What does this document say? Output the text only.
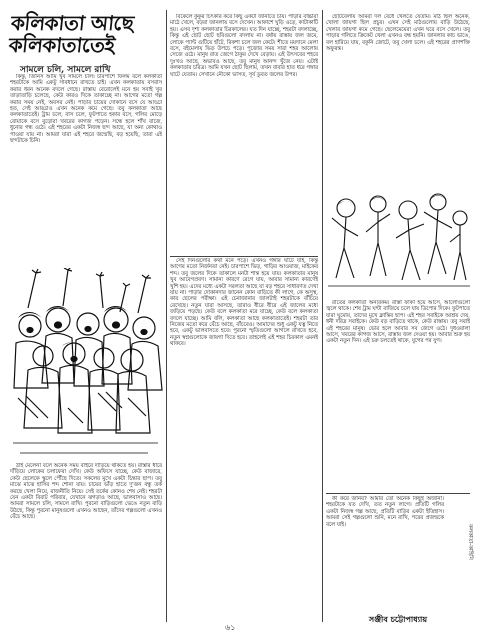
কলিকাতা আছে কলিকাতাতেই
সামলে চলি, সামলে রাখি

কিন্তু, জিনিস আমি খুব সামলে চলি। চারপাশে ফিলম বলে কলকাতা শহরটাকে আমি একটু সাবধানে রাখতে চাই। এখন কলকাতায় বসবাস করার ধরন অনেক বদলে গেছে। রাস্তায় বেরোলেই মনে হয় সবাই খুব তাড়াতাড়ি চলেছে, কেউ কারও দিকে তাকাচ্ছে না। আগের মতো গল্প করার সময় নেই, অবসর নেই। পাড়ার চায়ের দোকানে বসে যে আড্ডা হত, সেই আড্ডাও এখন অনেক কমে গেছে। তবু কলকাতা আছে কলকাতাতেই। ট্রাম চলে, বাস চলে, ফুটপাতে হকার বসে, গলির মোড়ে রোয়াকে বসে বুড়োরা খবরের কাগজ পড়েন। সন্ধে হলে শাঁখ বাজে, ধুনোর গন্ধ ওঠে। এই শহরের একটা নিজস্ব ছন্দ আছে, যা অন্য কোথাও পাওয়া যায় না। আমরা যারা এই শহরে জন্মেছি, বড় হয়েছি, তারা এই ছন্দটাকে চিনি।

ঠাঁই মেলেনা বলে অনেক সময় বাইরে দাঁড়িয়ে থাকতে হয়। রাস্তার ধারে দাঁড়িয়ে লোকের চলাফেরা দেখি। কেউ অফিসে যাচ্ছে, কেউ বাজারে, কেউ ছেলেকে স্কুলে পৌঁছে দিতে। সকলের মুখে একটা চিন্তার ছাপ। তবু মাঝে মাঝে হাসির শব্দ শোনা যায়। চায়ের ভাঁড় হাতে দু'জন বন্ধু তর্ক করছে খেলা নিয়ে, রাজনীতি নিয়ে। সেই তর্কের কোনও শেষ নেই। শহরটা যেন একটা বিরাট পরিবার, যেখানে ঝগড়াও আছে, ভালবাসাও আছে। আমরা সামলে চলি, সামলে রাখি। পুরনো বাড়িগুলো ভেঙে নতুন বাড়ি উঠছে, কিন্তু পুরনো মানুষগুলো এখনও আছেন, তাঁদের গল্পগুলো এখনও বেঁচে আছে।

বিকেলে কুকুর চিৎকার করে কিছু একটা জানাতে চায়। পাড়ার বাচ্চারা মাঠে খেলে, বড়রা জানলায় বসে দেখেন। আকাশে ঘুড়ি ওড়ে, কাটাকাটি হয়। এসব দৃশ্য কলকাতার চিরকালের। যত দিন যাচ্ছে, শহরটা বদলাচ্ছে, কিন্তু এই ছোট ছোট ছবিগুলো বদলায় না। বর্ষায় রাস্তায় জল জমে, লোকে প্যান্ট গুটিয়ে হাঁটে, রিকশা চলে জল কেটে। শীতে ময়দানে মেলা বসে, বইমেলায় ভিড় উপচে পড়ে। পুজোর সময় সারা শহর আলোয় সেজে ওঠে। মানুষ রাত জেগে ঠাকুর দেখে বেড়ায়। এই উৎসবের শহরে দুঃখও আছে, অভাবও আছে, তবু মানুষ আনন্দ খুঁজে নেয়। এটাই কলকাতার চরিত্র। আমি যখন ছোট ছিলাম, তখন বাবার হাত ধরে গঙ্গার ঘাটে যেতাম। সেখানে নৌকো ভাসত, সূর্য ডুবত জলের উপর।

সেই দিনগুলোর কথা মনে পড়ে। এখনও গঙ্গার ঘাটে যাই, কিন্তু আগের মতো নির্জনতা নেই। চারপাশে ভিড়, গাড়ির আওয়াজ, মাইকের শব্দ। তবু জলের দিকে তাকালে মনটা শান্ত হয়ে যায়। কলকাতার মানুষ খুব আবেগপ্রবণ। সামান্য কারণে রেগে যায়, আবার সামান্য কারণেই খুশি হয়। এদের মধ্যে একটা সরলতা আছে যা বড় শহরে সাধারণত দেখা যায় না। পাড়ার দোকানদার জানেন কোন বাড়িতে কী লাগে, কে অসুস্থ, কার ছেলের পরীক্ষা। এই চেনাজানার জালটাই শহরটাকে বাঁচিয়ে রেখেছে। নতুন যারা আসছে, তারাও ধীরে ধীরে এই জালের মধ্যে জড়িয়ে পড়ছে। কেউ বলে কলকাতা মরে যাচ্ছে, কেউ বলে কলকাতা বদলে যাচ্ছে। আমি বলি, কলকাতা আছে কলকাতাতেই। শহরটা তার নিজের মতো করে বেঁচে আছে, বাঁচবেও। আমাদের শুধু একটু যত্ন নিতে হবে, একটু ভালবাসতে হবে। পুরনো স্মৃতিগুলো আগলে রাখতে হবে, নতুন স্বপ্নগুলোকে জায়গা দিতে হবে। তাহলেই এই শহর চিরকাল এমনই থাকবে।

ছোটবেলায় আমরা দল বেঁধে খেলতে যেতাম। মাঠ ছিল অনেক, খোলা জায়গা ছিল প্রচুর। এখন সেই মাঠগুলোয় বাড়ি উঠেছে, খেলার জায়গা কমে গেছে। ছেলেমেয়েরা এখন ঘরে বসে খেলে। তবু পাড়ার গলিতে ক্রিকেট খেলা এখনও বন্ধ হয়নি। জানলার কাচ ভাঙে, বল হারিয়ে যায়, বকুনি জোটে, তবু খেলা চলে। এই শহরের প্রাণশক্তি অফুরন্ত।

রাতের কলকাতা অন্যরকম। রাস্তা ফাঁকা হয়ে আসে, আলোগুলো জ্বলে থাকে। শেষ ট্রাম ঘণ্টা বাজিয়ে চলে যায় ডিপোর দিকে। ফুটপাতে যারা ঘুমোয়, তাদের মুখে ক্লান্তির ছাপ। এই শহর সবাইকে আশ্রয় দেয়, ধনী দরিদ্র সবাইকে। কেউ বড় বাড়িতে থাকে, কেউ রাস্তায়। তবু সবাই এই শহরের মানুষ। ভোর হলে আবার সব জেগে ওঠে। দুধওয়ালা আসে, খবরের কাগজ আসে, রাস্তায় জল দেওয়া হয়। আবার শুরু হয় একটা নতুন দিন। এই চক্র চলতেই থাকে, যুগের পর যুগ।

কী করে জানব? আমার তো অনেক কিছুই অজানা। শহরটাকে যত দেখি, তত নতুন লাগে। প্রতিটি গলির একটা নিজস্ব গল্প আছে, প্রতিটি বাড়ির একটা ইতিহাস। আমরা সেই গল্পগুলো শুনি, মনে রাখি, পরের প্রজন্মকে বলে যাই।	কলকাতা-কাহিনি
সঞ্জীব চট্টোপাধ্যায়
৬১
